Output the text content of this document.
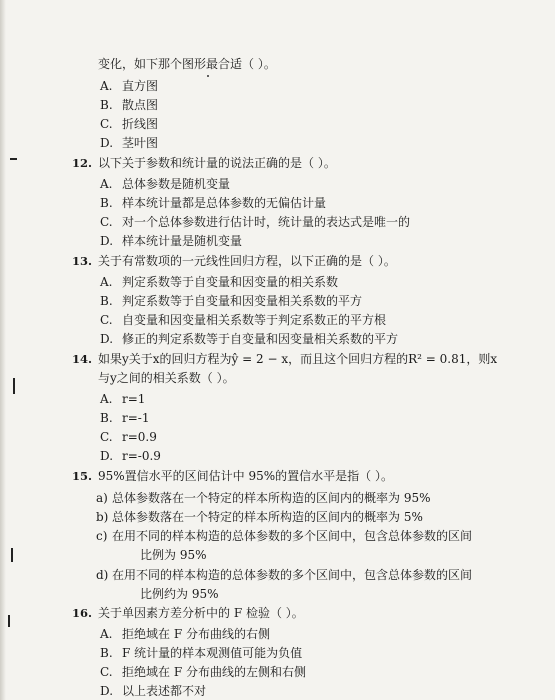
变化，如下那个图形最合适（ ）。
A. 直方图
B. 散点图
C. 折线图
D. 茎叶图
12. 以下关于参数和统计量的说法正确的是（ ）。
A. 总体参数是随机变量
B. 样本统计量都是总体参数的无偏估计量
C. 对一个总体参数进行估计时，统计量的表达式是唯一的
D. 样本统计量是随机变量
13. 关于有常数项的一元线性回归方程，以下正确的是（ ）。
A. 判定系数等于自变量和因变量的相关系数
B. 判定系数等于自变量和因变量相关系数的平方
C. 自变量和因变量相关系数等于判定系数正的平方根
D. 修正的判定系数等于自变量和因变量相关系数的平方
14. 如果y关于x的回归方程为ŷ = 2 − x，而且这个回归方程的R² = 0.81，则x
与y之间的相关系数（ ）。
A. r=1
B. r=-1
C. r=0.9
D. r=-0.9
15. 95%置信水平的区间估计中 95%的置信水平是指（ ）。
a) 总体参数落在一个特定的样本所构造的区间内的概率为 95%
b) 总体参数落在一个特定的样本所构造的区间内的概率为 5%
c) 在用不同的样本构造的总体参数的多个区间中，包含总体参数的区间
比例为 95%
d) 在用不同的样本构造的总体参数的多个区间中，包含总体参数的区间
比例约为 95%
16. 关于单因素方差分析中的 F 检验（ ）。
A. 拒绝域在 F 分布曲线的右侧
B. F 统计量的样本观测值可能为负值
C. 拒绝域在 F 分布曲线的左侧和右侧
D. 以上表述都不对
